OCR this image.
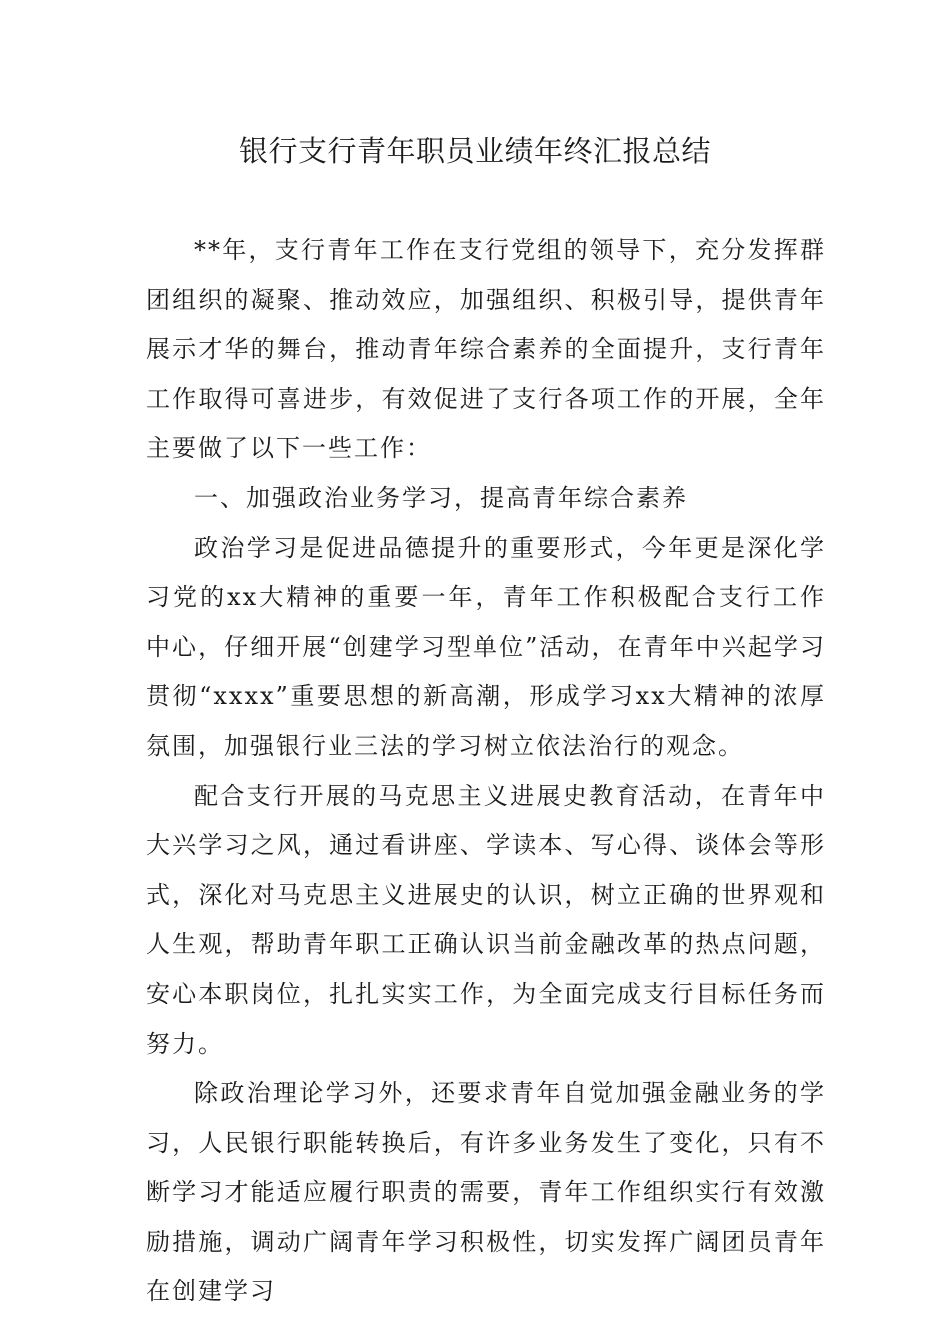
银行支行青年职员业绩年终汇报总结

**年，支行青年工作在支行党组的领导下，充分发挥群团组织的凝聚、推动效应，加强组织、积极引导，提供青年展示才华的舞台，推动青年综合素养的全面提升，支行青年工作取得可喜进步，有效促进了支行各项工作的开展，全年主要做了以下一些工作：

一、加强政治业务学习，提高青年综合素养

政治学习是促进品德提升的重要形式，今年更是深化学习党的xx大精神的重要一年，青年工作积极配合支行工作中心，仔细开展“创建学习型单位”活动，在青年中兴起学习贯彻“xxxx”重要思想的新高潮，形成学习xx大精神的浓厚氛围，加强银行业三法的学习树立依法治行的观念。

配合支行开展的马克思主义进展史教育活动，在青年中大兴学习之风，通过看讲座、学读本、写心得、谈体会等形式，深化对马克思主义进展史的认识，树立正确的世界观和人生观，帮助青年职工正确认识当前金融改革的热点问题，安心本职岗位，扎扎实实工作，为全面完成支行目标任务而努力。

除政治理论学习外，还要求青年自觉加强金融业务的学习，人民银行职能转换后，有许多业务发生了变化，只有不断学习才能适应履行职责的需要，青年工作组织实行有效激励措施，调动广阔青年学习积极性，切实发挥广阔团员青年在创建学习
